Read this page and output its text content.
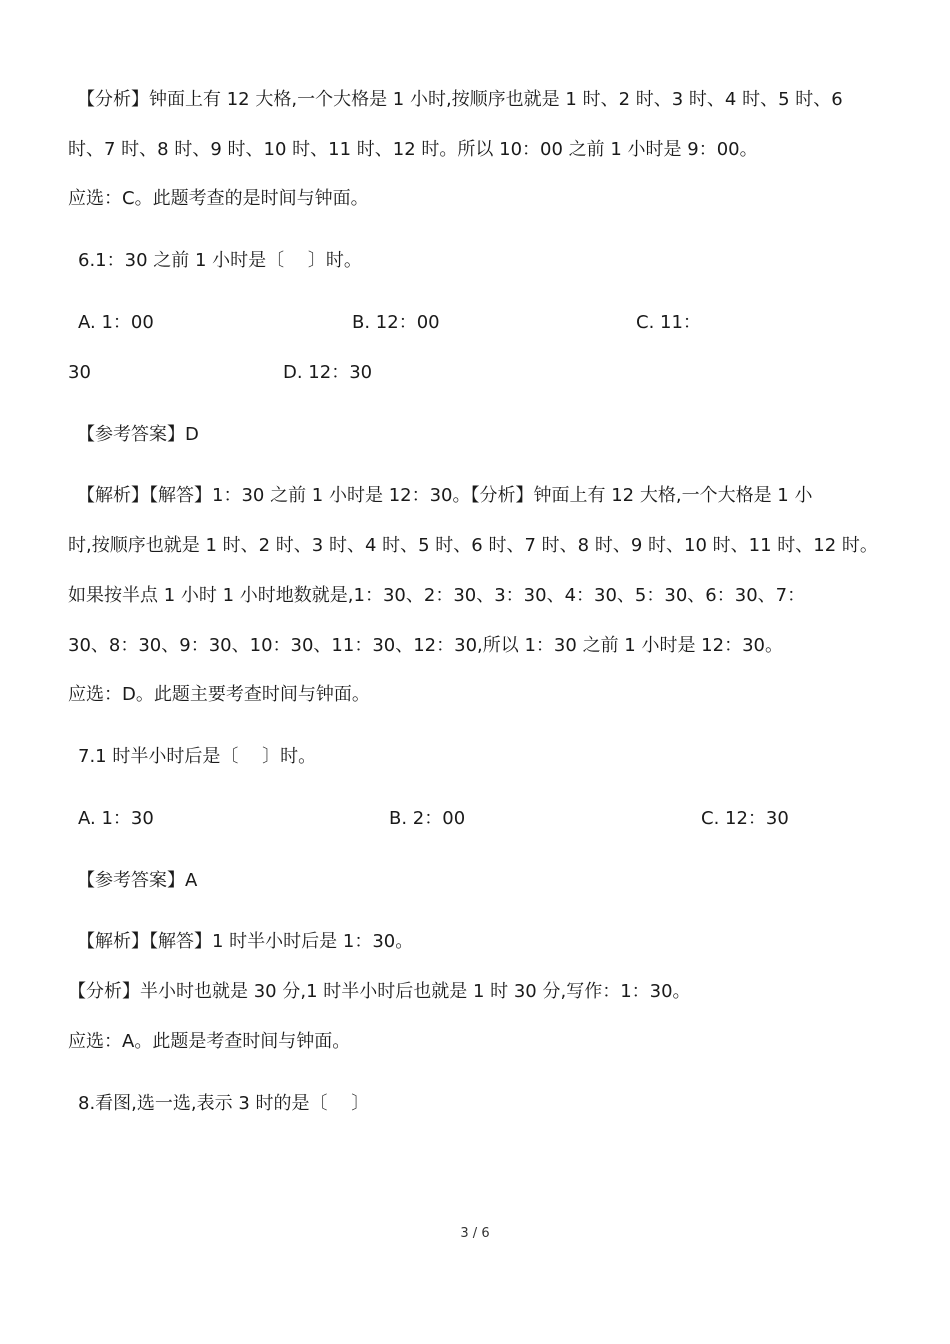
【分析】钟面上有 12 大格,一个大格是 1 小时,按顺序也就是 1 时、2 时、3 时、4 时、5 时、6
时、7 时、8 时、9 时、10 时、11 时、12 时。所以 10：00 之前 1 小时是 9：00。
应选：C。此题考查的是时间与钟面。
6.1：30 之前 1 小时是〔　 〕时。
A. 1：00	B. 12：00	C. 11：
30	D. 12：30
【参考答案】D
【解析】【解答】1：30 之前 1 小时是 12：30。【分析】钟面上有 12 大格,一个大格是 1 小
时,按顺序也就是 1 时、2 时、3 时、4 时、5 时、6 时、7 时、8 时、9 时、10 时、11 时、12 时。
如果按半点 1 小时 1 小时地数就是,1：30、2：30、3：30、4：30、5：30、6：30、7：
30、8：30、9：30、10：30、11：30、12：30,所以 1：30 之前 1 小时是 12：30。
应选：D。此题主要考查时间与钟面。
7.1 时半小时后是〔　 〕时。
A. 1：30	B. 2：00	C. 12：30
【参考答案】A
【解析】【解答】1 时半小时后是 1：30。
【分析】半小时也就是 30 分,1 时半小时后也就是 1 时 30 分,写作：1：30。
应选：A。此题是考查时间与钟面。
8.看图,选一选,表示 3 时的是〔　 〕
3 / 6
